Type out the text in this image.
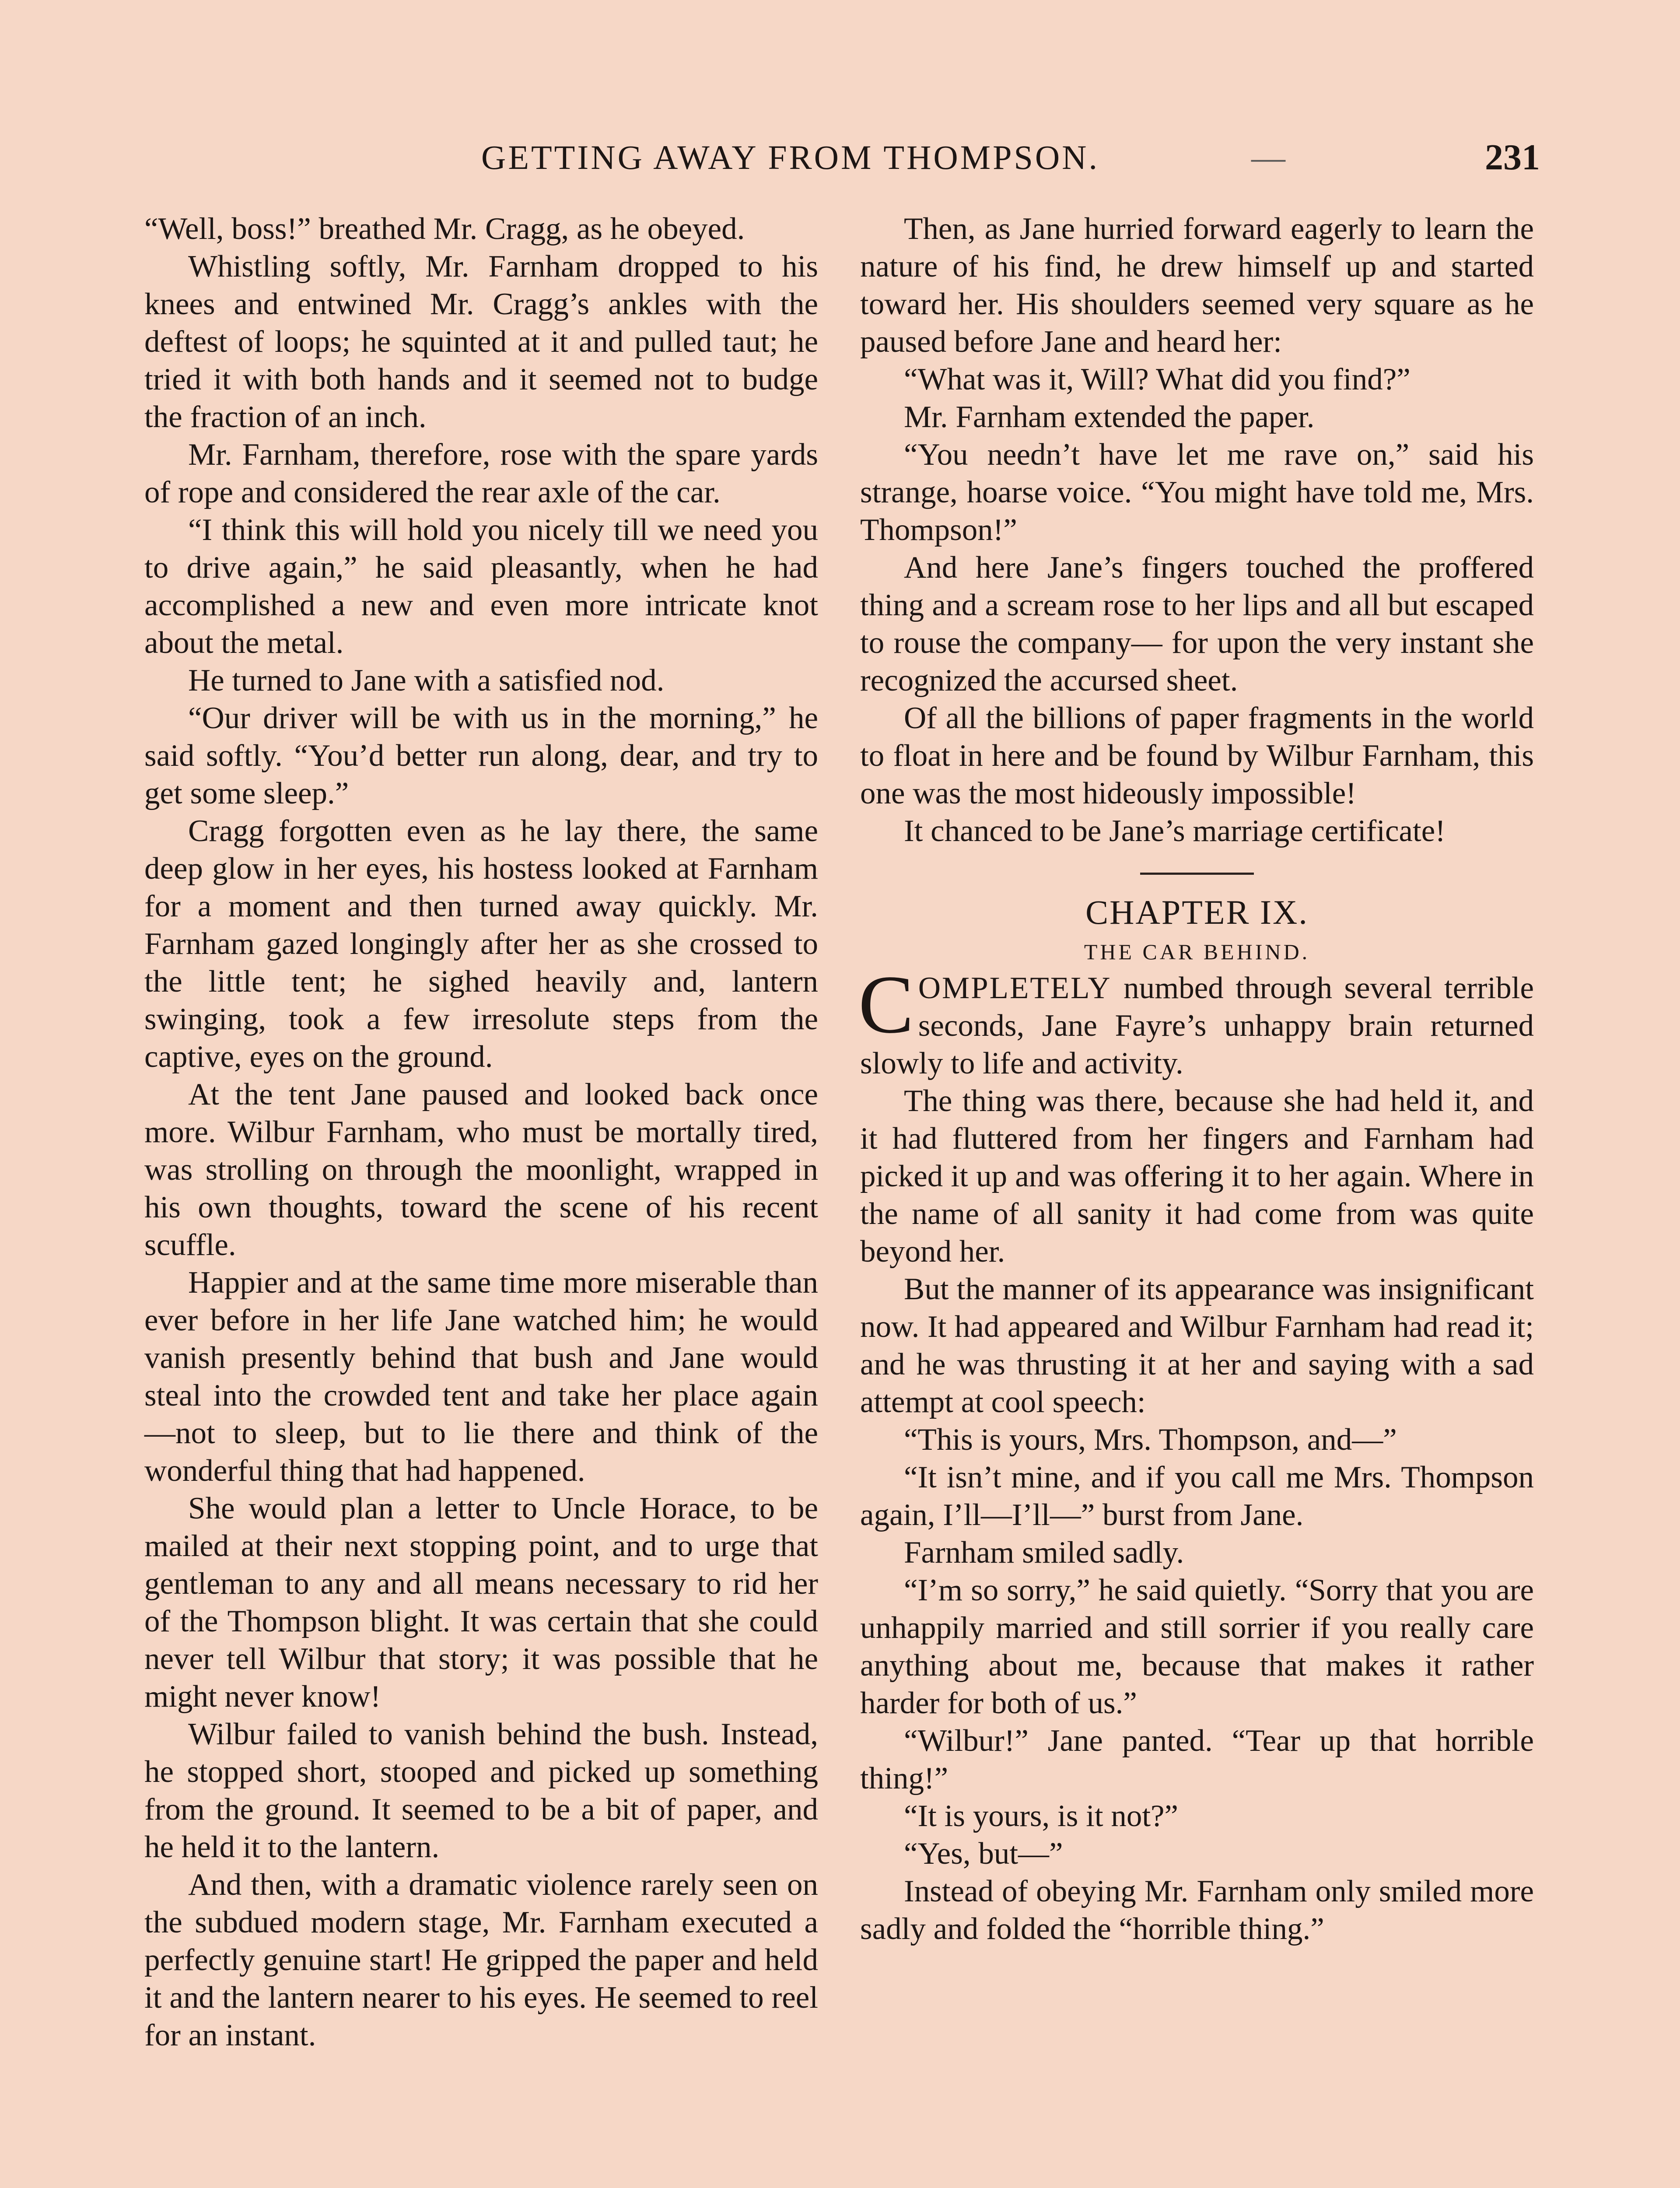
GETTING AWAY FROM THOMPSON.	—	231

“Well, boss!” breathed Mr. Cragg, as he obeyed.

Whistling softly, Mr. Farnham dropped to his knees and entwined Mr. Cragg’s ankles with the deftest of loops; he squinted at it and pulled taut; he tried it with both hands and it seemed not to budge the fraction of an inch.

Mr. Farnham, therefore, rose with the spare yards of rope and considered the rear axle of the car.

“I think this will hold you nicely till we need you to drive again,” he said pleasantly, when he had accomplished a new and even more intricate knot about the metal.

He turned to Jane with a satisfied nod.

“Our driver will be with us in the morning,” he said softly. “You’d better run along, dear, and try to get some sleep.”

Cragg forgotten even as he lay there, the same deep glow in her eyes, his hostess looked at Farnham for a moment and then turned away quickly. Mr. Farnham gazed longingly after her as she crossed to the little tent; he sighed heavily and, lantern swinging, took a few irresolute steps from the captive, eyes on the ground.

At the tent Jane paused and looked back once more. Wilbur Farnham, who must be mortally tired, was strolling on through the moonlight, wrapped in his own thoughts, toward the scene of his recent scuffle.

Happier and at the same time more miserable than ever before in her life Jane watched him; he would vanish presently behind that bush and Jane would steal into the crowded tent and take her place again —not to sleep, but to lie there and think of the wonderful thing that had happened.

She would plan a letter to Uncle Horace, to be mailed at their next stopping point, and to urge that gentleman to any and all means necessary to rid her of the Thompson blight. It was certain that she could never tell Wilbur that story; it was possible that he might never know!

Wilbur failed to vanish behind the bush. Instead, he stopped short, stooped and picked up something from the ground. It seemed to be a bit of paper, and he held it to the lantern.

And then, with a dramatic violence rarely seen on the subdued modern stage, Mr. Farnham executed a perfectly genuine start! He gripped the paper and held it and the lantern nearer to his eyes. He seemed to reel for an instant.

Then, as Jane hurried forward eagerly to learn the nature of his find, he drew himself up and started toward her. His shoulders seemed very square as he paused before Jane and heard her:

“What was it, Will? What did you find?”

Mr. Farnham extended the paper.

“You needn’t have let me rave on,” said his strange, hoarse voice. “You might have told me, Mrs. Thompson!”

And here Jane’s fingers touched the proffered thing and a scream rose to her lips and all but escaped to rouse the company— for upon the very instant she recognized the accursed sheet.

Of all the billions of paper fragments in the world to float in here and be found by Wilbur Farnham, this one was the most hideously impossible!

It chanced to be Jane’s marriage certificate!

CHAPTER IX.

THE CAR BEHIND.

COMPLETELY numbed through several terrible seconds, Jane Fayre’s unhappy brain returned slowly to life and activity.

The thing was there, because she had held it, and it had fluttered from her fingers and Farnham had picked it up and was offering it to her again. Where in the name of all sanity it had come from was quite beyond her.

But the manner of its appearance was insignificant now. It had appeared and Wilbur Farnham had read it; and he was thrusting it at her and saying with a sad attempt at cool speech:

“This is yours, Mrs. Thompson, and—”

“It isn’t mine, and if you call me Mrs. Thompson again, I’ll—I’ll—” burst from Jane.

Farnham smiled sadly.

“I’m so sorry,” he said quietly. “Sorry that you are unhappily married and still sorrier if you really care anything about me, because that makes it rather harder for both of us.”

“Wilbur!” Jane panted. “Tear up that horrible thing!”

“It is yours, is it not?”

“Yes, but—”

Instead of obeying Mr. Farnham only smiled more sadly and folded the “horrible thing.”
